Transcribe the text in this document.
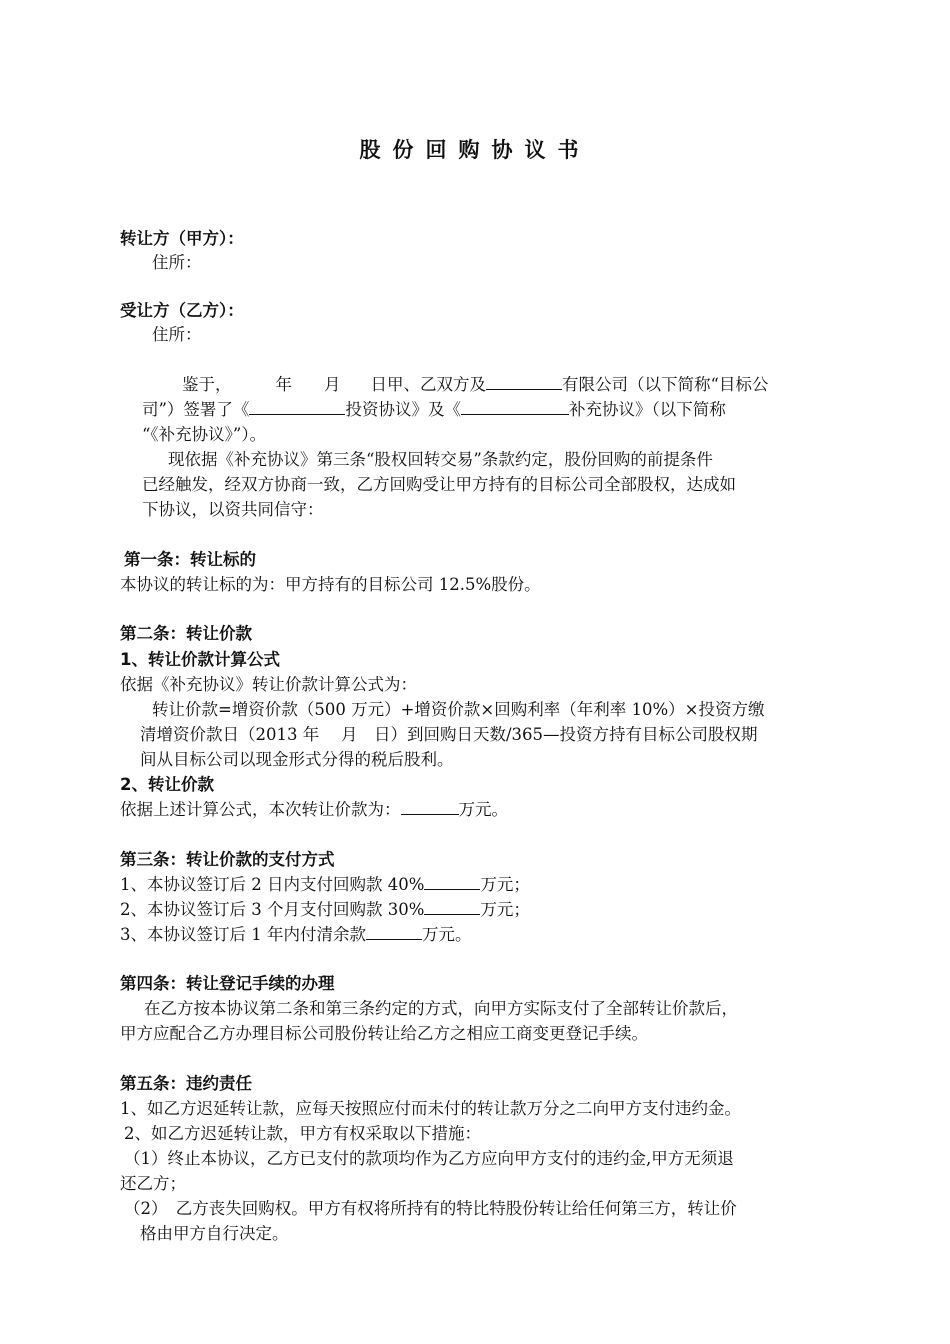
股份回购协议书
转让方（甲方）：
住所：
受让方（乙方）：
住所：
鉴于，	年 月 日甲、乙双方及	有限公司（以下简称“目标公
司”）签署了《	投资协议》及《	补充协议》（以下简称
“《补充协议》”）。
现依据《补充协议》第三条“股权回转交易”条款约定，股份回购的前提条件
已经触发，经双方协商一致，乙方回购受让甲方持有的目标公司全部股权，达成如
下协议，以资共同信守：
第一条：转让标的
本协议的转让标的为：甲方持有的目标公司 12.5%股份。
第二条：转让价款
1、转让价款计算公式
依据《补充协议》转让价款计算公式为：
转让价款=增资价款（500 万元）+增资价款×回购利率（年利率 10%）×投资方缴
清增资价款日（2013 年　 月　日）到回购日天数/365—投资方持有目标公司股权期
间从目标公司以现金形式分得的税后股利。
2、转让价款
依据上述计算公式，本次转让价款为：	万元。
第三条：转让价款的支付方式
1、本协议签订后 2 日内支付回购款 40%	万元；
2、本协议签订后 3 个月支付回购款 30%	万元；
3、本协议签订后 1 年内付清余款	万元。
第四条：转让登记手续的办理
在乙方按本协议第二条和第三条约定的方式，向甲方实际支付了全部转让价款后，
甲方应配合乙方办理目标公司股份转让给乙方之相应工商变更登记手续。
第五条：违约责任
1、如乙方迟延转让款，应每天按照应付而未付的转让款万分之二向甲方支付违约金。
2、如乙方迟延转让款，甲方有权采取以下措施：
（1）终止本协议，乙方已支付的款项均作为乙方应向甲方支付的违约金,甲方无须退
还乙方；
（2）　乙方丧失回购权。甲方有权将所持有的特比特股份转让给任何第三方，转让价
格由甲方自行决定。
